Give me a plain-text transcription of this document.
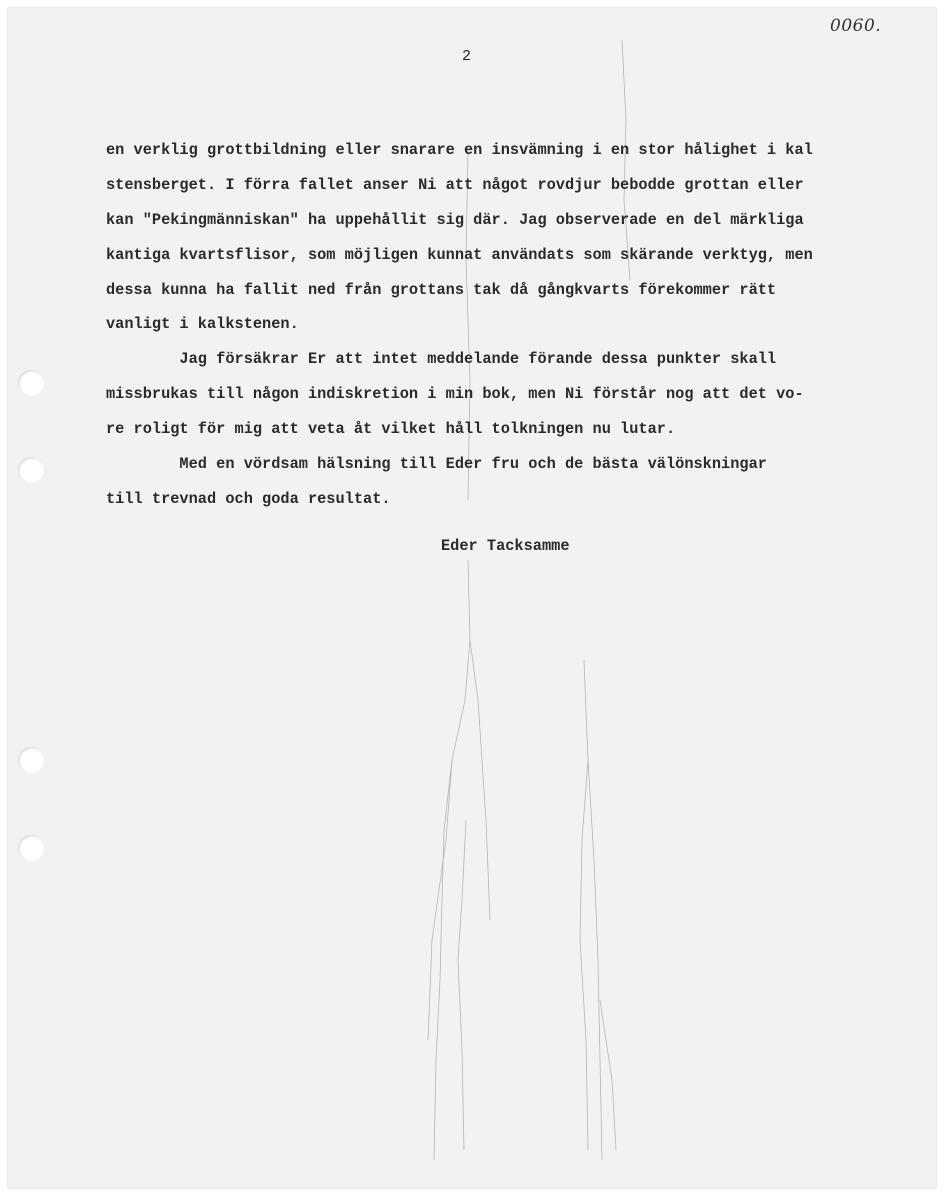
0060.
2
en verklig grottbildning eller snarare en insvämning i en stor hålighet i kal
stensberget. I förra fallet anser Ni att något rovdjur bebodde grottan eller
kan "Pekingmänniskan" ha uppehållit sig där. Jag observerade en del märkliga
kantiga kvartsflisor, som möjligen kunnat användats som skärande verktyg, men
dessa kunna ha fallit ned från grottans tak då gångkvarts förekommer rätt
vanligt i kalkstenen.
Jag försäkrar Er att intet meddelande förande dessa punkter skall
missbrukas till någon indiskretion i min bok, men Ni förstår nog att det vo-
re roligt för mig att veta åt vilket håll tolkningen nu lutar.
Med en vördsam hälsning till Eder fru och de bästa välönskningar
till trevnad och goda resultat.
Eder Tacksamme
